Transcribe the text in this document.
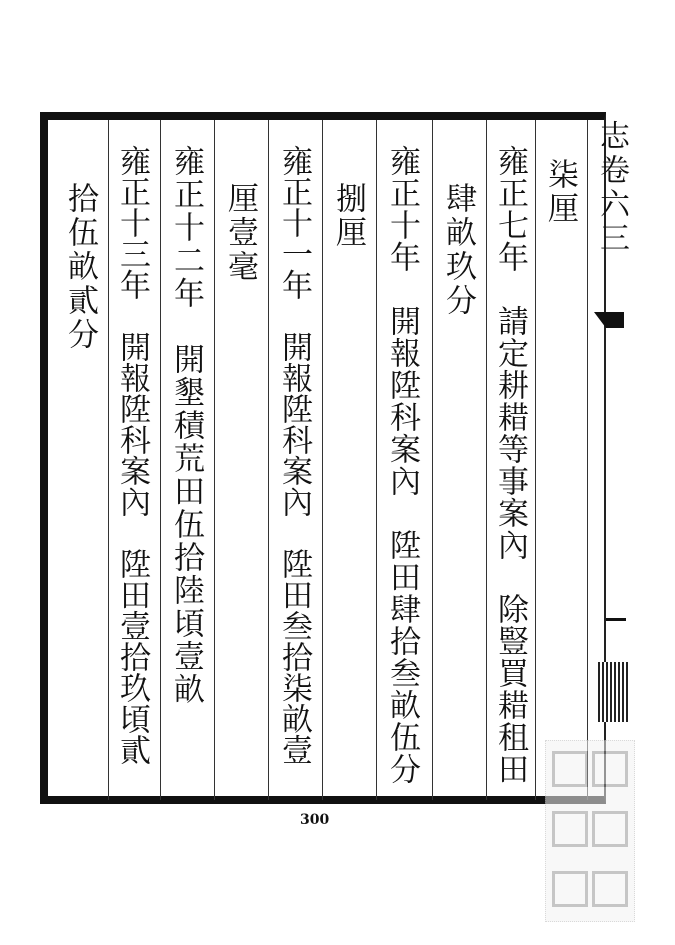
柒厘
雍正七年　請定耕耤等事案內　除豎買耤租田
肆畝玖分
雍正十年　開報陞科案內　陞田肆拾叁畝伍分
捌厘
雍正十一年　開報陞科案內　陞田叁拾柒畝壹
厘壹毫
雍正十二年　開墾積荒田伍拾陸頃壹畝
雍正十三年　開報陞科案內　陞田壹拾玖頃貳
拾伍畝貳分	志卷六三
300
